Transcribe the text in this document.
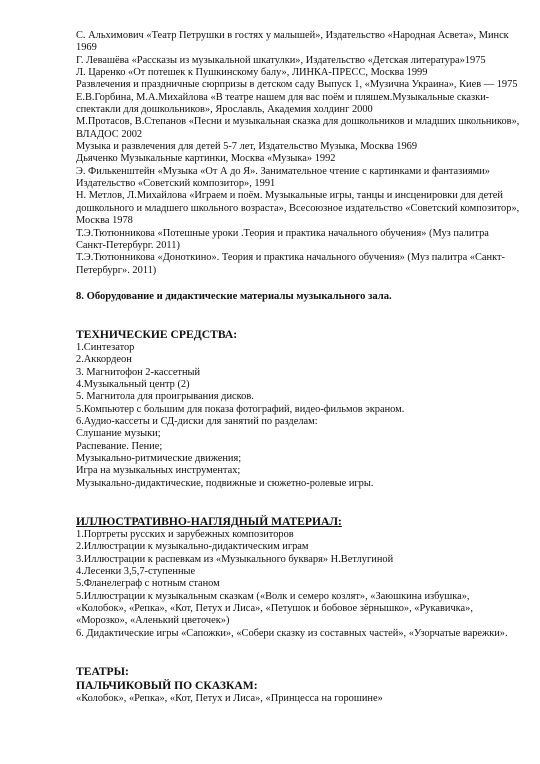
С. Альхимович «Театр Петрушки в гостях у малышей», Издательство «Народная Асвета», Минск 1969

Г. Левашёва «Рассказы из музыкальной шкатулки», Издательство «Детская литература»1975

Л. Царенко «От потешек к Пушкинскому балу», ЛИНКА-ПРЕСС, Москва 1999

Развлечения и праздничные сюрпризы в детском саду Выпуск 1, «Музична Украина», Киев — 1975

Е.В.Горбина, М.А.Михайлова «В театре нашем для вас поём и пляшем.Музыкальные сказки-спектакли для дошкольников», Ярославль, Академия холдинг 2000

М.Протасов, В.Степанов «Песни и музыкальная сказка для дошкольников и младших школьников», ВЛАДОС 2002

Музыка и развлечения для детей 5-7 лет, Издательство Музыка, Москва 1969

Дьяченко Музыкальные картинки, Москва «Музыка» 1992

Э. Филькенштейн «Музыка «От А до Я». Занимательное чтение с картинками и фантазиями»

Издательство «Советский композитор», 1991

Н. Метлов, Л.Михайлова «Играем и поём. Музыкальные игры, танцы и инсценировки для детей дошкольного и младшего школьного возраста», Всесоюзное издательство «Советский композитор», Москва 1978

Т.Э.Тютюнникова «Потешные уроки .Теория и практика начального обучения» (Муз палитра Санкт-Петербург. 2011)

Т.Э.Тютюнникова «Доноткино». Теория и практика начального обучения» (Муз палитра «Санкт-Петербург». 2011)

8. Оборудование и дидактические материалы музыкального зала.
ТЕХНИЧЕСКИЕ СРЕДСТВА:

1.Синтезатор

2.Аккордеон

3. Магнитофон 2-кассетный

4.Музыкальный центр (2)

5. Магнитола для проигрывания дисков.

5.Компьютер с большим для показа фотографий, видео-фильмов экраном.

6.Аудио-кассеты и СД-диски для занятий по разделам:

Слушание музыки;

Распевание. Пение;

Музыкально-ритмические движения;

Игра на музыкальных инструментах;

Музыкально-дидактические, подвижные и сюжетно-ролевые игры.

ИЛЛЮСТРАТИВНО-НАГЛЯДНЫЙ МАТЕРИАЛ:

1.Портреты русских и зарубежных композиторов

2.Иллюстрации к музыкально-дидактическим играм

3.Иллюстрации к распевкам из «Музыкального букваря» Н.Ветлугиной

4.Лесенки 3,5,7-ступенные

5.Фланелеграф с нотным станом

5.Иллюстрации к музыкальным сказкам («Волк и семеро козлят», «Заюшкина избушка», «Колобок», «Репка», «Кот, Петух и Лиса», «Петушок и бобовое зёрнышко», «Рукавичка», «Морозко», «Аленький цветочек»)

6. Дидактические игры «Сапожки», «Собери сказку из составных частей», «Узорчатые варежки».

ТЕАТРЫ:
ПАЛЬЧИКОВЫЙ ПО СКАЗКАМ:

«Колобок», «Репка», «Кот, Петух и Лиса», «Принцесса на горошине»
